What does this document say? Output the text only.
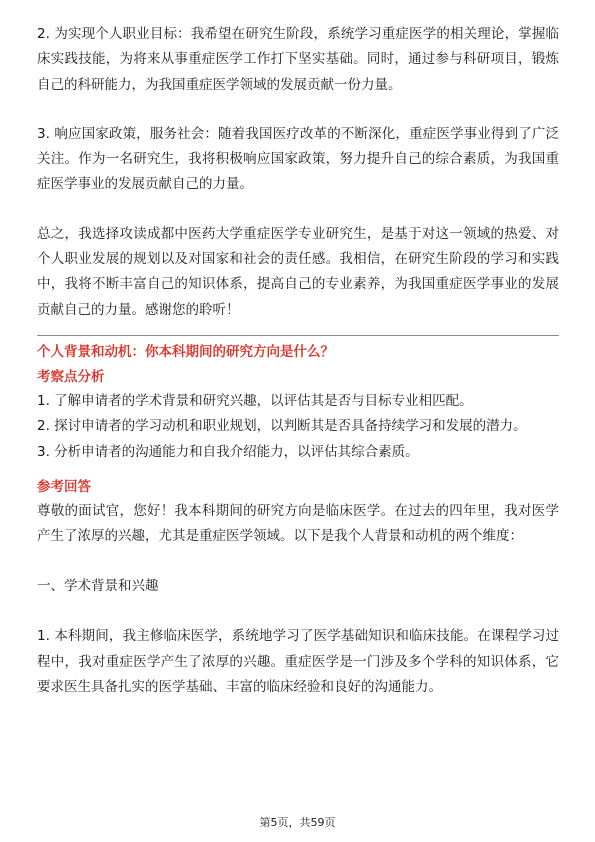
2. 为实现个人职业目标：我希望在研究生阶段，系统学习重症医学的相关理论，掌握临床实践技能，为将来从事重症医学工作打下坚实基础。同时，通过参与科研项目，锻炼自己的科研能力，为我国重症医学领域的发展贡献一份力量。

3. 响应国家政策，服务社会：随着我国医疗改革的不断深化，重症医学事业得到了广泛关注。作为一名研究生，我将积极响应国家政策，努力提升自己的综合素质，为我国重症医学事业的发展贡献自己的力量。

总之，我选择攻读成都中医药大学重症医学专业研究生，是基于对这一领域的热爱、对个人职业发展的规划以及对国家和社会的责任感。我相信，在研究生阶段的学习和实践中，我将不断丰富自己的知识体系，提高自己的专业素养，为我国重症医学事业的发展贡献自己的力量。感谢您的聆听！

个人背景和动机：你本科期间的研究方向是什么？

考察点分析

1. 了解申请者的学术背景和研究兴趣，以评估其是否与目标专业相匹配。

2. 探讨申请者的学习动机和职业规划，以判断其是否具备持续学习和发展的潜力。

3. 分析申请者的沟通能力和自我介绍能力，以评估其综合素质。

参考回答

尊敬的面试官，您好！我本科期间的研究方向是临床医学。在过去的四年里，我对医学产生了浓厚的兴趣，尤其是重症医学领域。以下是我个人背景和动机的两个维度：

一、学术背景和兴趣

1. 本科期间，我主修临床医学，系统地学习了医学基础知识和临床技能。在课程学习过程中，我对重症医学产生了浓厚的兴趣。重症医学是一门涉及多个学科的知识体系，它要求医生具备扎实的医学基础、丰富的临床经验和良好的沟通能力。

第5页，共59页
